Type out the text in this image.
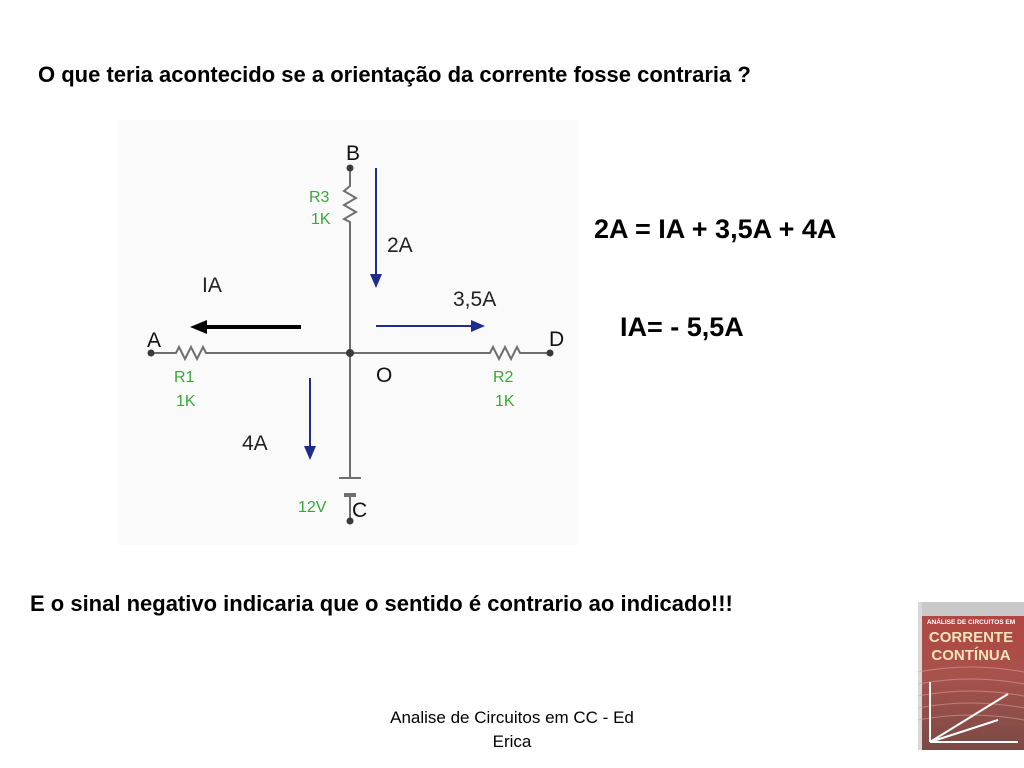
O que teria acontecido se a orientação da corrente fosse contraria ?
B
A	D
O
C
R3
1K
R1
1K
R2
1K
12V
2A
IA
3,5A
4A
2A = IA + 3,5A + 4A
IA= - 5,5A
E o sinal negativo indicaria que o sentido é contrario ao indicado!!!
Analise de Circuitos em CC - Ed
Erica
ANÁLISE DE CIRCUITOS EM
CORRENTE
CONTÍNUA
